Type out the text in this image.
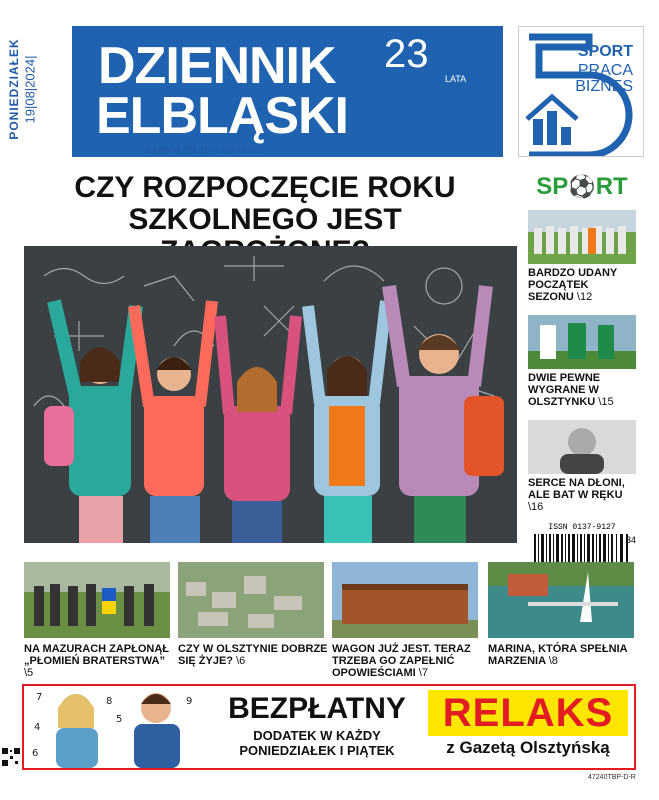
PONIEDZIAŁEK 19|08|2024| DZIENNIK
ELBLĄSKI
23
LATA
cena 4,99 zł (w tym 8% VAT)
SPORT
PRACA
BIZNES
CZY ROZPOCZĘCIE ROKU
SZKOLNEGO JEST
SP⚽RT
BARDZO UDANY POCZĄTEK SEZONU \12
DWIE PEWNE WYGRANE W OLSZTYNKU \15
SERCE NA DŁONI, ALE BAT W RĘKU \16
ISSN 0137-9127
34
NA MAZURACH ZAPŁONĄŁ „PŁOMIEŃ BRATERSTWA” \5
CZY W OLSZTYNIE DOBRZE SIĘ ŻYJE? \6
WAGON JUŻ JEST. TERAZ TRZEBA GO ZAPEŁNIĆ OPOWIEŚCIAMI \7
MARINA, KTÓRA SPEŁNIA MARZENIA \8
7
4
8
5
6
9	BEZPŁATNY
DODATEK W KAŻDY
PONIEDZIAŁEK I PIĄTEK
RELAKS
z Gazetą Olsztyńską
47240TBP-D-R
